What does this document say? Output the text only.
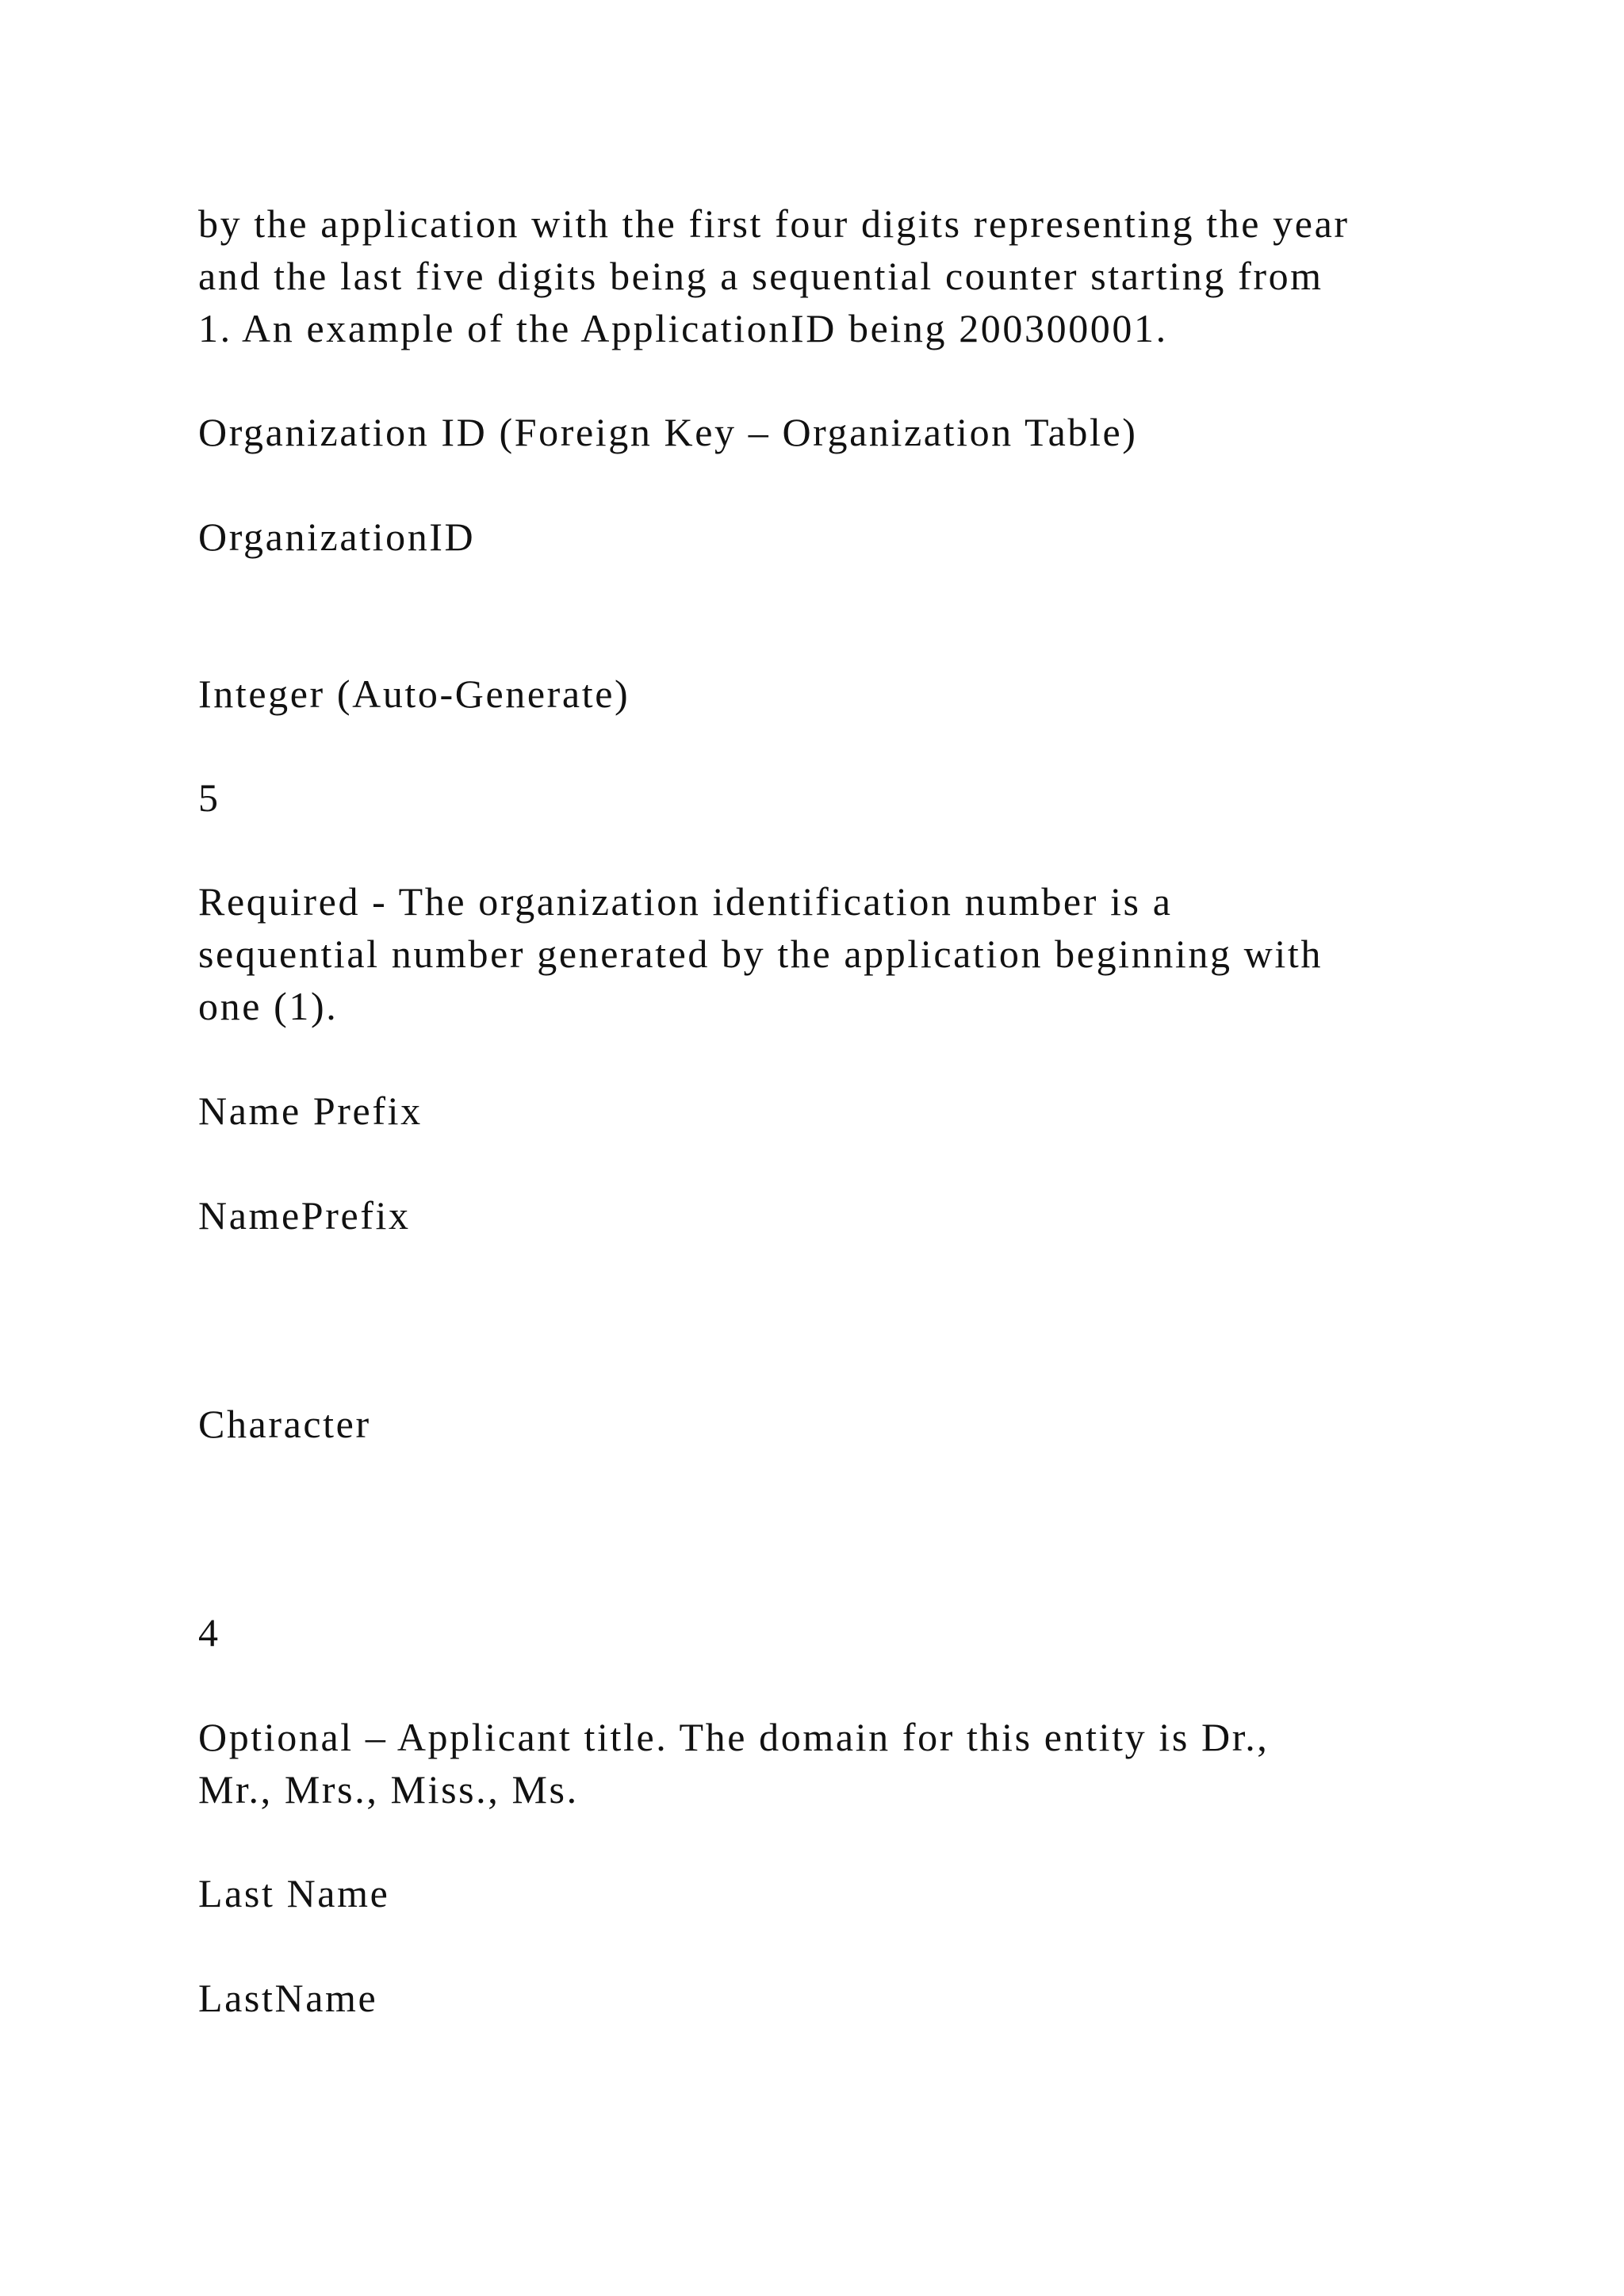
by the application with the first four digits representing the year

and the last five digits being a sequential counter starting from

1. An example of the ApplicationID being 200300001.

Organization ID (Foreign Key – Organization Table)

OrganizationID

Integer (Auto-Generate)

5

Required - The organization identification number is a

sequential number generated by the application beginning with

one (1).

Name Prefix

NamePrefix

Character

4

Optional – Applicant title. The domain for this entity is Dr.,

Mr., Mrs., Miss., Ms.

Last Name

LastName
